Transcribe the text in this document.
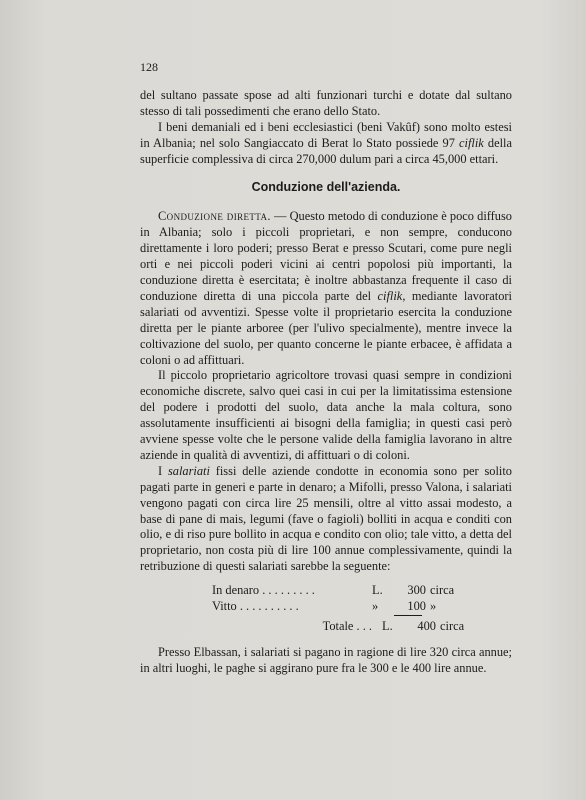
128

del sultano passate spose ad alti funzionari turchi e dotate dal sultano stesso di tali possedimenti che erano dello Stato.

I beni demaniali ed i beni ecclesiastici (beni Vakûf) sono molto estesi in Albania; nel solo Sangiaccato di Berat lo Stato possiede 97 ciflik della superficie complessiva di circa 270,000 dulum pari a circa 45,000 ettari.

Conduzione dell'azienda.

Conduzione diretta. — Questo metodo di conduzione è poco diffuso in Albania; solo i piccoli proprietari, e non sempre, conducono direttamente i loro poderi; presso Berat e presso Scutari, come pure negli orti e nei piccoli poderi vicini ai centri popolosi più importanti, la conduzione diretta è esercitata; è inoltre abbastanza frequente il caso di conduzione diretta di una piccola parte del ciflik, mediante lavoratori salariati od avventizi. Spesse volte il proprietario esercita la conduzione diretta per le piante arboree (per l'ulivo specialmente), mentre invece la coltivazione del suolo, per quanto concerne le piante erbacee, è affidata a coloni o ad affittuari.

Il piccolo proprietario agricoltore trovasi quasi sempre in condizioni economiche discrete, salvo quei casi in cui per la limitatissima estensione del podere i prodotti del suolo, data anche la mala coltura, sono assolutamente insufficienti ai bisogni della famiglia; in questi casi però avviene spesse volte che le persone valide della famiglia lavorano in altre aziende in qualità di avventizi, di affittuari o di coloni.

I salariati fissi delle aziende condotte in economia sono per solito pagati parte in generi e parte in denaro; a Mifolli, presso Valona, i salariati vengono pagati con circa lire 25 mensili, oltre al vitto assai modesto, a base di pane di mais, legumi (fave o fagioli) bolliti in acqua e conditi con olio, e di riso pure bollito in acqua e condito con olio; tale vitto, a detta del proprietario, non costa più di lire 100 annue complessivamente, quindi la retribuzione di questi salariati sarebbe la seguente:

In denaro . . . . . . . . .	L.	300 circa
Vitto . . . . . . . . . .	»	100 »
Totale . . . L.	400 circa

Presso Elbassan, i salariati si pagano in ragione di lire 320 circa annue; in altri luoghi, le paghe si aggirano pure fra le 300 e le 400 lire annue.
